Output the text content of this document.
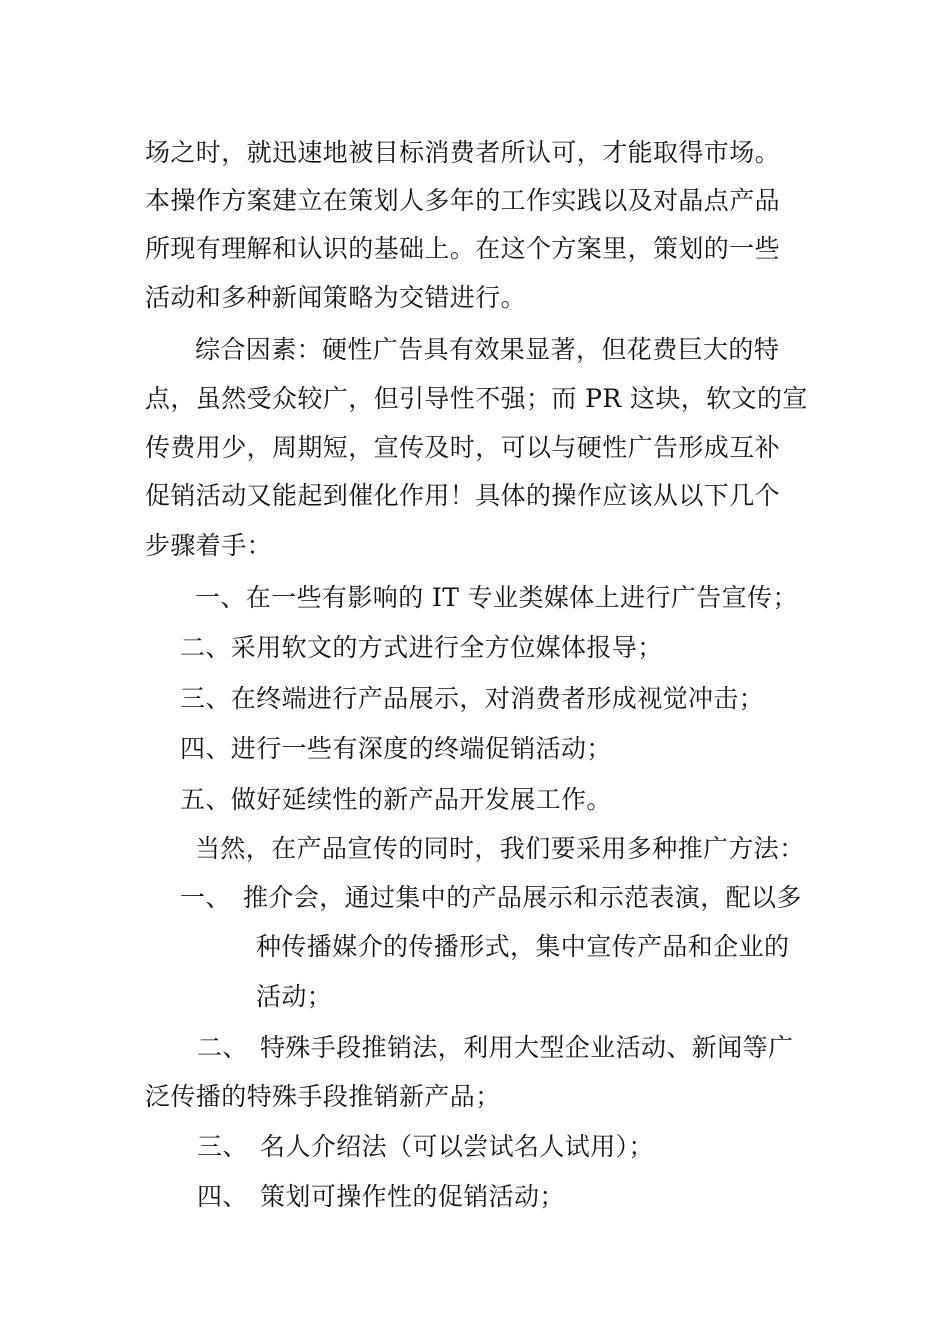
场之时，就迅速地被目标消费者所认可，才能取得市场。
本操作方案建立在策划人多年的工作实践以及对晶点产品
所现有理解和认识的基础上。在这个方案里，策划的一些
活动和多种新闻策略为交错进行。
综合因素：硬性广告具有效果显著，但花费巨大的特
点，虽然受众较广，但引导性不强；而 PR 这块，软文的宣
传费用少，周期短，宣传及时，可以与硬性广告形成互补
促销活动又能起到催化作用！具体的操作应该从以下几个
步骤着手：
一、在一些有影响的 IT 专业类媒体上进行广告宣传；
二、采用软文的方式进行全方位媒体报导；
三、在终端进行产品展示，对消费者形成视觉冲击；
四、进行一些有深度的终端促销活动；
五、做好延续性的新产品开发展工作。
当然，在产品宣传的同时，我们要采用多种推广方法：
一、 推介会，通过集中的产品展示和示范表演，配以多
种传播媒介的传播形式，集中宣传产品和企业的
活动；
二、 特殊手段推销法，利用大型企业活动、新闻等广
泛传播的特殊手段推销新产品；
三、 名人介绍法（可以尝试名人试用）；
四、 策划可操作性的促销活动；
